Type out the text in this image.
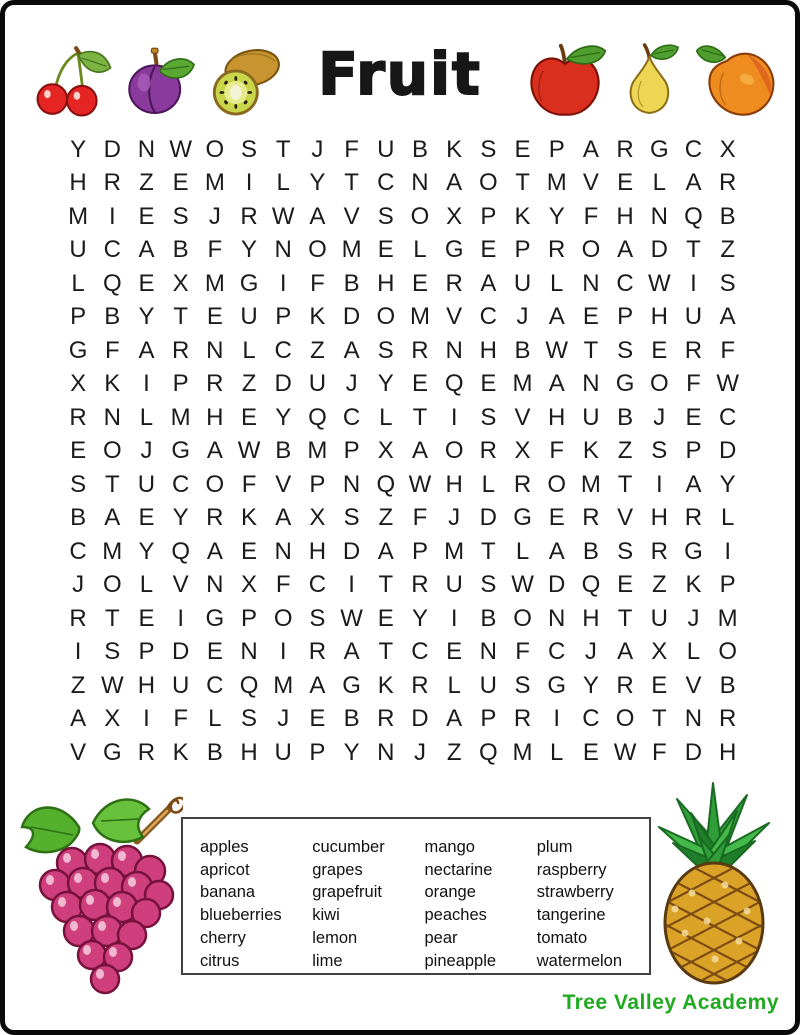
Fruit
Y D N W O S T J F U B K S E P A R G C X
H R Z E M I	L Y T C N A O T M V E L A R
M I E S J R W A V S O X P K Y F H N Q B
U C A B F Y N O M E L G E P R O A D T Z
L Q E X M G I F B H E R A U L N C W I S
P B Y T E U P K D O M V C J A E P H U A
G F A R N L C Z A S R N H B W T S E R F
X K I P R Z D U J Y E Q E M A N G O F W
R N L M H E Y Q C L T I S V H U B J E C
E O J G A W B M P X A O R X F K Z S P D
S T U C O F V P N Q W H L R O M T I A Y
B A E Y R K A X S Z F J D G E R V H R L
C M Y Q A E N H D A P M T L A B S R G I
J O L V N X F C I T R U S W D Q E Z K P
R T E I G P O S W E Y I B O N H T U J M
I S P D E N I R A T C E N F C J A X L O
Z W H U C Q M A G K R L U S G Y R E V B
A X I F L S J E B R D A P R I C O T N R
V G R K B H U P Y N J Z Q M L E W F D H
apples
apricot
banana
blueberries
cherry
citrus
cucumber
grapes
grapefruit
kiwi
lemon
lime
mango
nectarine
orange
peaches
pear
pineapple
plum
raspberry
strawberry
tangerine
tomato
watermelon
Tree Valley Academy
